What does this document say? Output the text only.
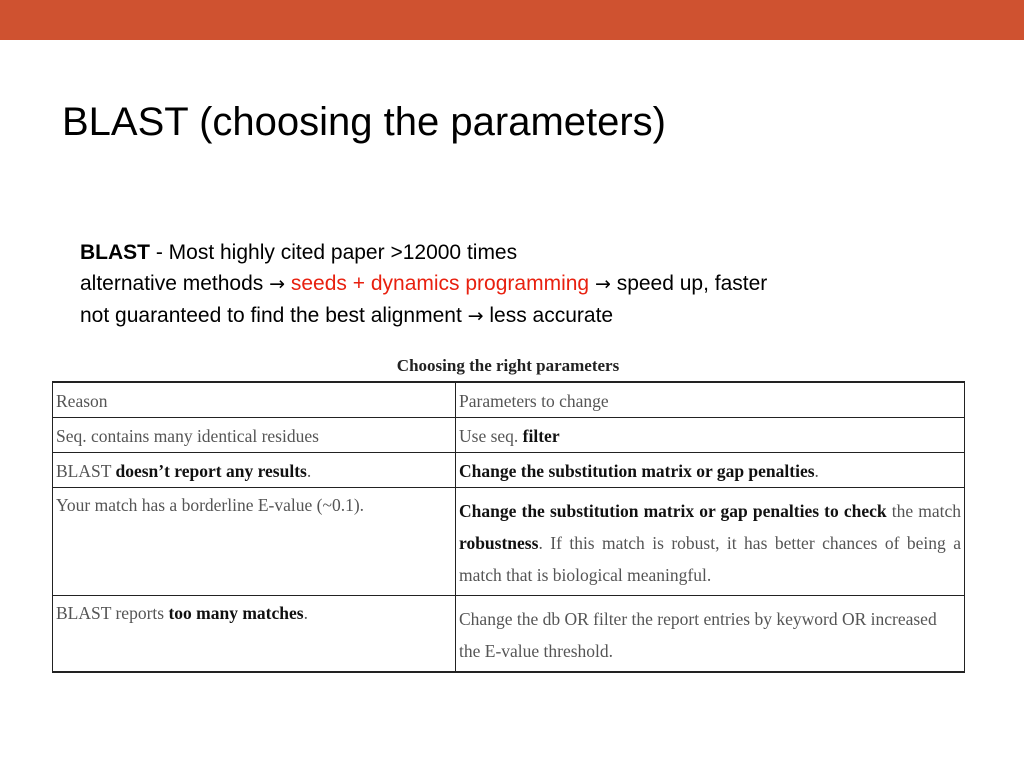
BLAST (choosing the parameters)
BLAST - Most highly cited paper >12000 times
alternative methods → seeds + dynamics programming → speed up, faster
not guaranteed to find the best alignment → less accurate
Choosing the right parameters
Reason	Parameters to change
Seq. contains many identical residues	Use seq. filter
BLAST doesn’t report any results.	Change the substitution matrix or gap penalties.
Your match has a borderline E-value (~0.1).	Change the substitution matrix or gap penalties to check the match robustness. If this match is robust, it has better chances of being a match that is biological meaningful.
BLAST reports too many matches.	Change the db OR filter the report entries by keyword OR increased the E-value threshold.
